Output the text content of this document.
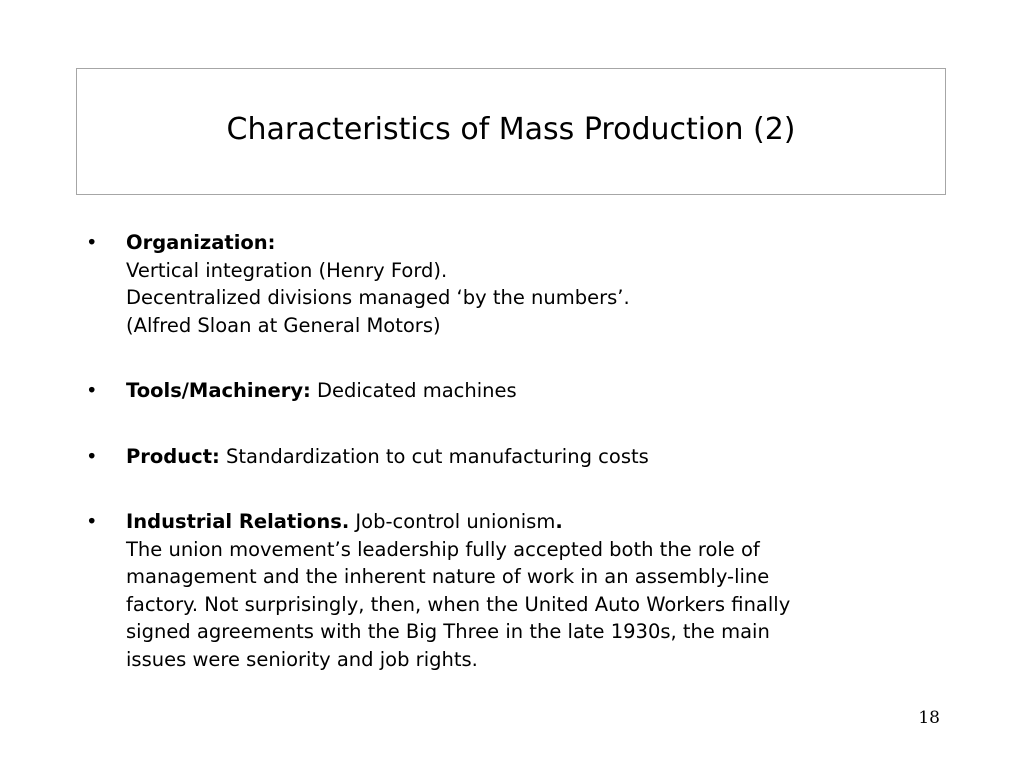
Characteristics of Mass Production (2)
• Organization:
Vertical integration (Henry Ford).
Decentralized divisions managed ‘by the numbers’.
(Alfred Sloan at General Motors)
• Tools/Machinery: Dedicated machines
• Product: Standardization to cut manufacturing costs
• Industrial Relations. Job-control unionism.
The union movement’s leadership fully accepted both the role of
management and the inherent nature of work in an assembly-line
factory. Not surprisingly, then, when the United Auto Workers finally
signed agreements with the Big Three in the late 1930s, the main
issues were seniority and job rights.
18
